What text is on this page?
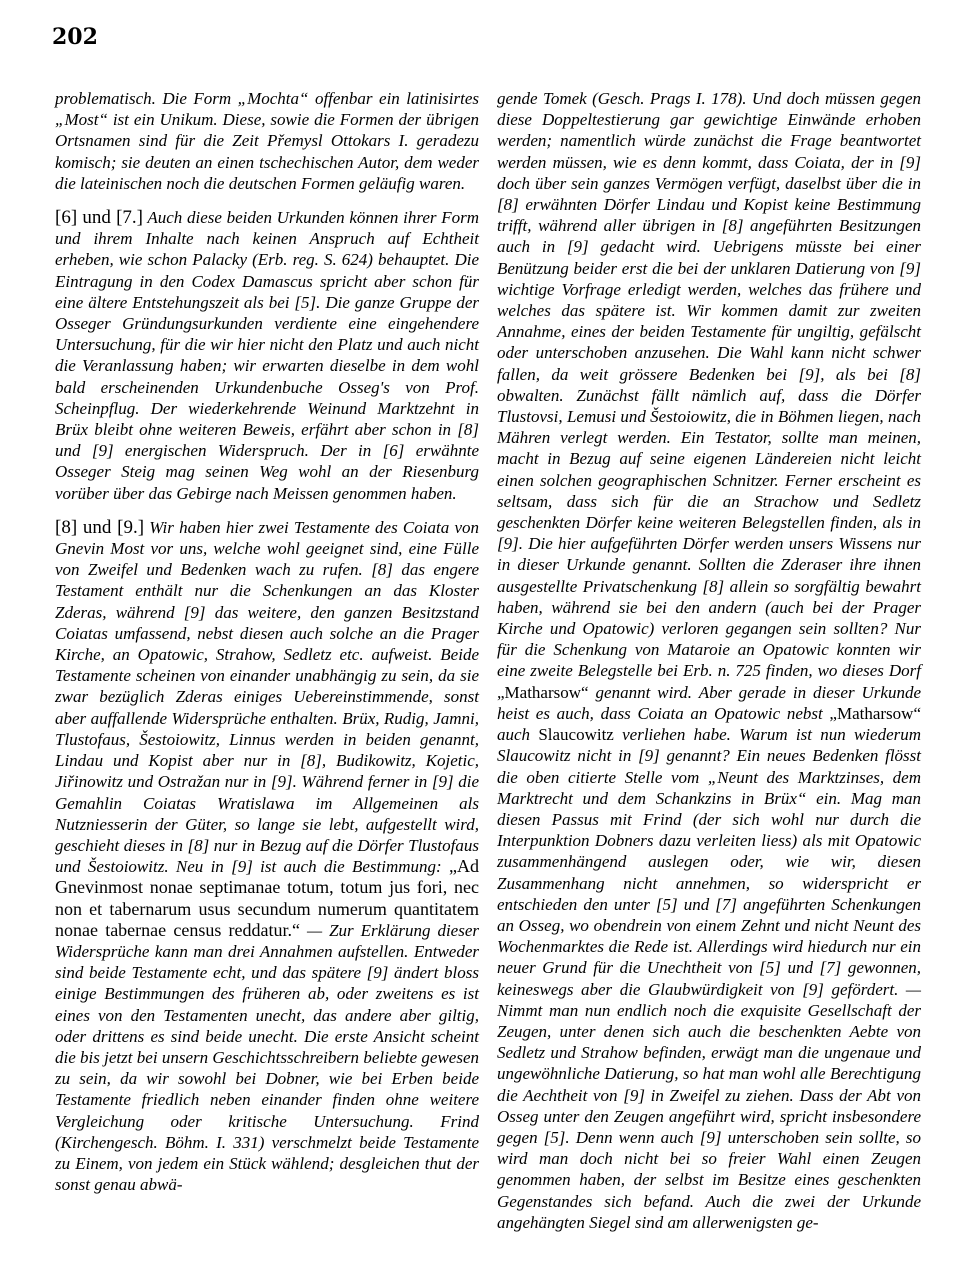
202

problematisch. Die Form „Mochta“ offenbar ein latinisirtes „Most“ ist ein Unikum. Diese, sowie die Formen der übrigen Ortsnamen sind für die Zeit Přemysl Ottokars I. geradezu komisch; sie deuten an einen tschechischen Autor, dem weder die lateinischen noch die deutschen Formen geläufig waren.

[6] und [7.] Auch diese beiden Urkunden können ihrer Form und ihrem Inhalte nach keinen Anspruch auf Echtheit erheben, wie schon Palacky (Erb. reg. S. 624) behauptet. Die Eintragung in den Codex Damascus spricht aber schon für eine ältere Entstehungszeit als bei [5]. Die ganze Gruppe der Osseger Gründungsurkunden verdiente eine eingehendere Untersuchung, für die wir hier nicht den Platz und auch nicht die Veranlassung haben; wir erwarten dieselbe in dem wohl bald erscheinenden Urkundenbuche Osseg's von Prof. Scheinpflug. Der wiederkehrende Weinund Marktzehnt in Brüx bleibt ohne weiteren Beweis, erfährt aber schon in [8] und [9] energischen Widerspruch. Der in [6] erwähnte Osseger Steig mag seinen Weg wohl an der Riesenburg vorüber über das Gebirge nach Meissen genommen haben.

[8] und [9.] Wir haben hier zwei Testamente des Coiata von Gnevin Most vor uns, welche wohl geeignet sind, eine Fülle von Zweifel und Bedenken wach zu rufen. [8] das engere Testament enthält nur die Schenkungen an das Kloster Zderas, während [9] das weitere, den ganzen Besitzstand Coiatas umfassend, nebst diesen auch solche an die Prager Kirche, an Opatowic, Strahow, Sedletz etc. aufweist. Beide Testamente scheinen von einander unabhängig zu sein, da sie zwar bezüglich Zderas einiges Uebereinstimmende, sonst aber auffallende Widersprüche enthalten. Brüx, Rudig, Jamni, Tlustofaus, Šestoiowitz, Linnus werden in beiden genannt, Lindau und Kopist aber nur in [8], Budikowitz, Kojetic, Jiřinowitz und Ostražan nur in [9]. Während ferner in [9] die Gemahlin Coiatas Wratislawa im Allgemeinen als Nutzniesserin der Güter, so lange sie lebt, aufgestellt wird, geschieht dieses in [8] nur in Bezug auf die Dörfer Tlustofaus und Šestoiowitz. Neu in [9] ist auch die Bestimmung: „Ad Gnevinmost nonae septimanae totum, totum jus fori, nec non et tabernarum usus secundum numerum quantitatem nonae tabernae census reddatur.“ — Zur Erklärung dieser Widersprüche kann man drei Annahmen aufstellen. Entweder sind beide Testamente echt, und das spätere [9] ändert bloss einige Bestimmungen des früheren ab, oder zweitens es ist eines von den Testamenten unecht, das andere aber giltig, oder drittens es sind beide unecht. Die erste Ansicht scheint die bis jetzt bei unsern Geschichtsschreibern beliebte gewesen zu sein, da wir sowohl bei Dobner, wie bei Erben beide Testamente friedlich neben einander finden ohne weitere Vergleichung oder kritische Untersuchung. Frind (Kirchengesch. Böhm. I. 331) verschmelzt beide Testamente zu Einem, von jedem ein Stück wählend; desgleichen thut der sonst genau abwä-

gende Tomek (Gesch. Prags I. 178). Und doch müssen gegen diese Doppeltestierung gar gewichtige Einwände erhoben werden; namentlich würde zunächst die Frage beantwortet werden müssen, wie es denn kommt, dass Coiata, der in [9] doch über sein ganzes Vermögen verfügt, daselbst über die in [8] erwähnten Dörfer Lindau und Kopist keine Bestimmung trifft, während aller übrigen in [8] angeführten Besitzungen auch in [9] gedacht wird. Uebrigens müsste bei einer Benützung beider erst die bei der unklaren Datierung von [9] wichtige Vorfrage erledigt werden, welches das frühere und welches das spätere ist. Wir kommen damit zur zweiten Annahme, eines der beiden Testamente für ungiltig, gefälscht oder unterschoben anzusehen. Die Wahl kann nicht schwer fallen, da weit grössere Bedenken bei [9], als bei [8] obwalten. Zunächst fällt nämlich auf, dass die Dörfer Tlustovsi, Lemusi und Šestoiowitz, die in Böhmen liegen, nach Mähren verlegt werden. Ein Testator, sollte man meinen, macht in Bezug auf seine eigenen Ländereien nicht leicht einen solchen geographischen Schnitzer. Ferner erscheint es seltsam, dass sich für die an Strachow und Sedletz geschenkten Dörfer keine weiteren Belegstellen finden, als in [9]. Die hier aufgeführten Dörfer werden unsers Wissens nur in dieser Urkunde genannt. Sollten die Zderaser ihre ihnen ausgestellte Privatschenkung [8] allein so sorgfältig bewahrt haben, während sie bei den andern (auch bei der Prager Kirche und Opatowic) verloren gegangen sein sollten? Nur für die Schenkung von Mataroie an Opatowic konnten wir eine zweite Belegstelle bei Erb. n. 725 finden, wo dieses Dorf „Matharsow“ genannt wird. Aber gerade in dieser Urkunde heist es auch, dass Coiata an Opatowic nebst „Matharsow“ auch Slaucowitz verliehen habe. Warum ist nun wiederum Slaucowitz nicht in [9] genannt? Ein neues Bedenken flösst die oben citierte Stelle vom „Neunt des Marktzinses, dem Marktrecht und dem Schankzins in Brüx“ ein. Mag man diesen Passus mit Frind (der sich wohl nur durch die Interpunktion Dobners dazu verleiten liess) als mit Opatowic zusammenhängend auslegen oder, wie wir, diesen Zusammenhang nicht annehmen, so widerspricht er entschieden den unter [5] und [7] angeführten Schenkungen an Osseg, wo obendrein von einem Zehnt und nicht Neunt des Wochenmarktes die Rede ist. Allerdings wird hiedurch nur ein neuer Grund für die Unechtheit von [5] und [7] gewonnen, keineswegs aber die Glaubwürdigkeit von [9] gefördert. — Nimmt man nun endlich noch die exquisite Gesellschaft der Zeugen, unter denen sich auch die beschenkten Aebte von Sedletz und Strahow befinden, erwägt man die ungenaue und ungewöhnliche Datierung, so hat man wohl alle Berechtigung die Aechtheit von [9] in Zweifel zu ziehen. Dass der Abt von Osseg unter den Zeugen angeführt wird, spricht insbesondere gegen [5]. Denn wenn auch [9] unterschoben sein sollte, so wird man doch nicht bei so freier Wahl einen Zeugen genommen haben, der selbst im Besitze eines geschenkten Gegenstandes sich befand. Auch die zwei der Urkunde angehängten Siegel sind am allerwenigsten ge-
